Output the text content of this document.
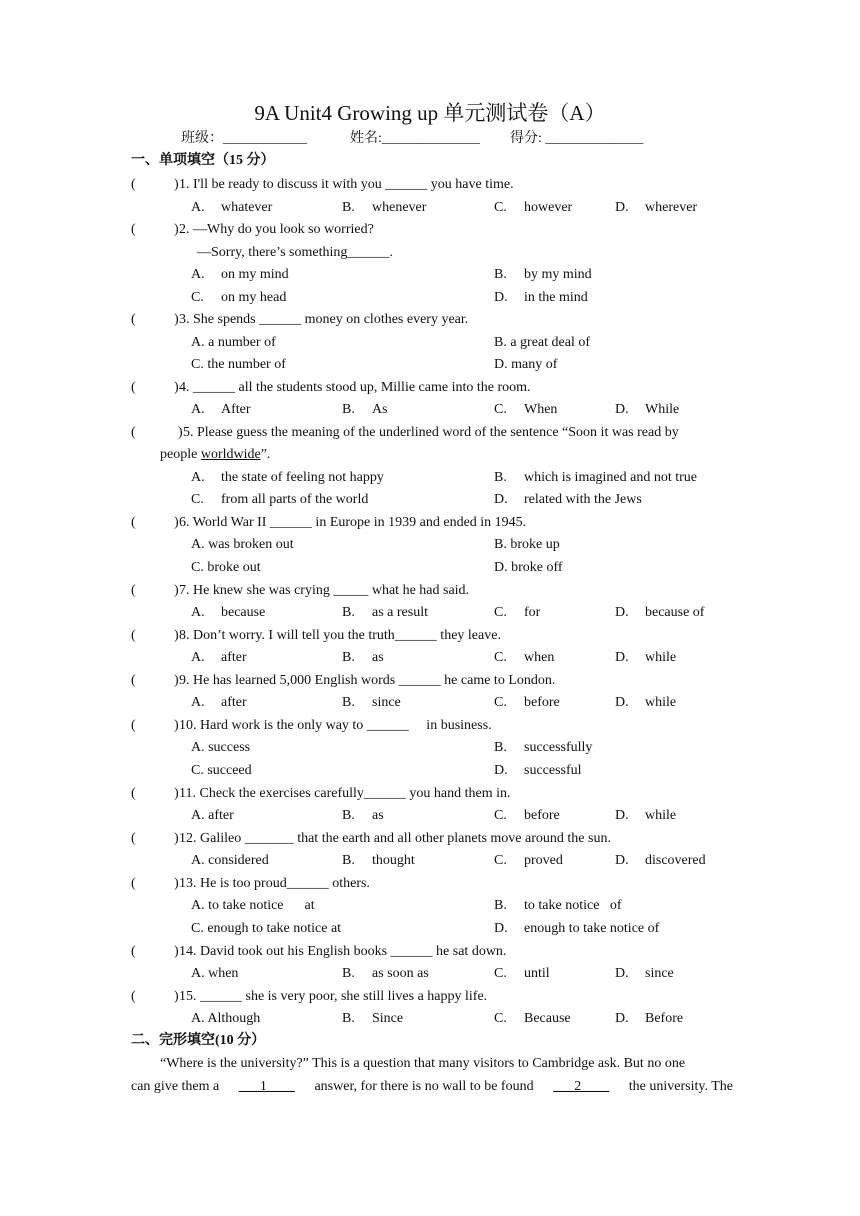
9A Unit4 Growing up 单元测试卷（A）
班级：____________	姓名:______________ 得分: ______________
一、单项填空（15 分）
(	) 1. I'll be ready to discuss it with you ______ you have time.
A. whatever	B. whenever	C. however	D. wherever
(	) 2. —Why do you look so worried?
—Sorry, there’s something______.
A. on my mind	B. by my mind
C. on my head	D. in the mind
(	) 3. She spends ______ money on clothes every year.
A. a number of	B. a great deal of
C. the number of	D. many of
(	) 4. ______ all the students stood up, Millie came into the room.
A. After	B. As	C. When	D. While
(	) 5. Please guess the meaning of the underlined word of the sentence “Soon it was read by
people worldwide”.
A. the state of feeling not happy	B. which is imagined and not true
C. from all parts of the world	D. related with the Jews
(	) 6. World War II ______ in Europe in 1939 and ended in 1945.
A. was broken out	B. broke up
C. broke out	D. broke off
(	) 7. He knew she was crying _____ what he had said.
A. because	B. as a result	C. for	D. because of
(	) 8. Don’t worry. I will tell you the truth______ they leave.
A. after	B. as	C. when	D. while
(	) 9. He has learned 5,000 English words ______ he came to London.
A. after	B. since	C. before	D. while
(	) 10. Hard work is the only way to ______     in business.
A. success	B. successfully
C. succeed	D. successful
(	) 11. Check the exercises carefully______ you hand them in.
A. after	B. as	C. before	D. while
(	) 12. Galileo _______ that the earth and all other planets move around the sun.
A. considered	B. thought	C. proved	D. discovered
(	) 13. He is too proud______ others.
A. to take notice      at	B. to take notice   of
C. enough to take notice at	D. enough to take notice of
(	) 14. David took out his English books ______ he sat down.
A. when	B. as soon as	C. until	D. since
(	) 15. ______ she is very poor, she still lives a happy life.
A. Although	B. Since	C. Because	D. Before
二、完形填空(10 分）
“Where is the university?” This is a question that many visitors to Cambridge ask. But no one
can give them a ___1____ answer, for there is no wall to be found ___2____ the university. The
